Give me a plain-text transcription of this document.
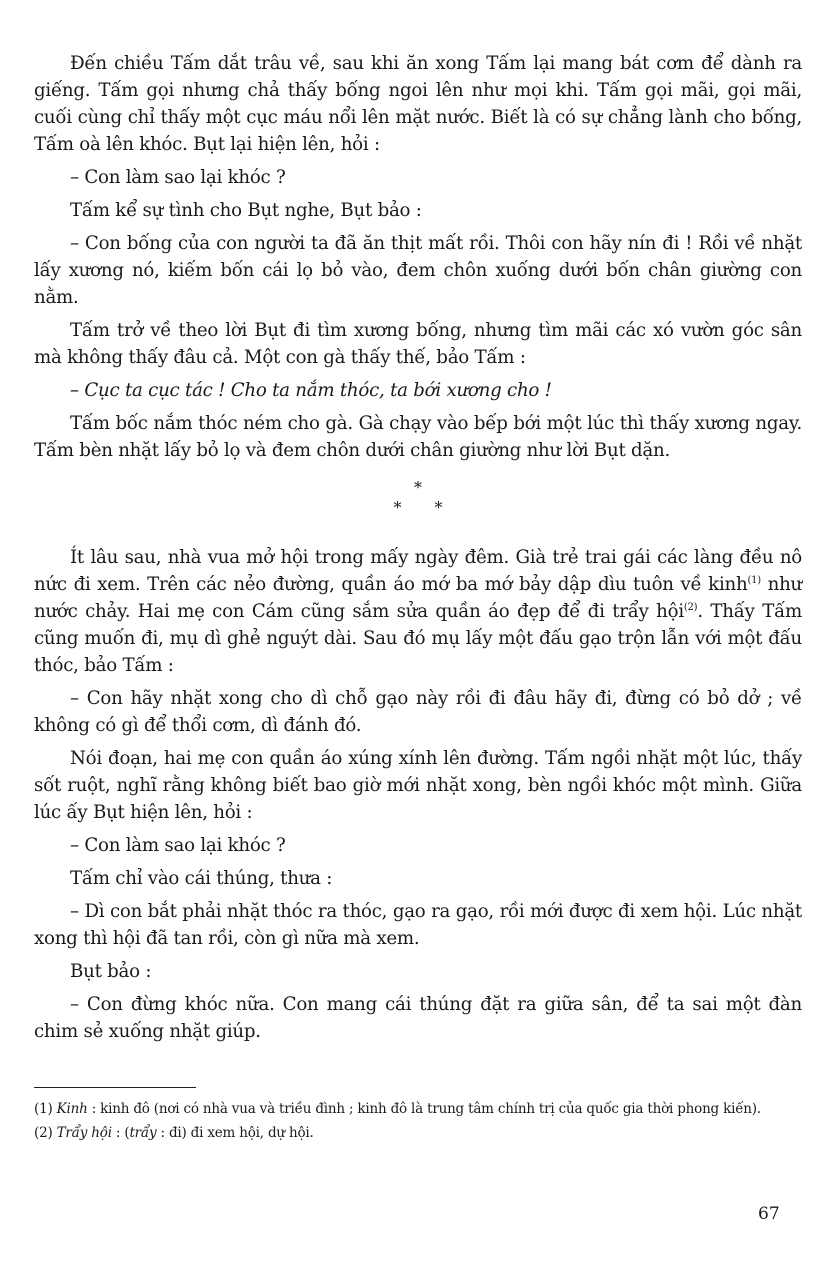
Đến chiều Tấm dắt trâu về, sau khi ăn xong Tấm lại mang bát cơm để dành ra giếng. Tấm gọi nhưng chả thấy bống ngoi lên như mọi khi. Tấm gọi mãi, gọi mãi, cuối cùng chỉ thấy một cục máu nổi lên mặt nước. Biết là có sự chẳng lành cho bống, Tấm oà lên khóc. Bụt lại hiện lên, hỏi :

– Con làm sao lại khóc ?

Tấm kể sự tình cho Bụt nghe, Bụt bảo :

– Con bống của con người ta đã ăn thịt mất rồi. Thôi con hãy nín đi ! Rồi về nhặt lấy xương nó, kiếm bốn cái lọ bỏ vào, đem chôn xuống dưới bốn chân giường con nằm.

Tấm trở về theo lời Bụt đi tìm xương bống, nhưng tìm mãi các xó vườn góc sân mà không thấy đâu cả. Một con gà thấy thế, bảo Tấm :

– Cục ta cục tác ! Cho ta nắm thóc, ta bới xương cho !

Tấm bốc nắm thóc ném cho gà. Gà chạy vào bếp bới một lúc thì thấy xương ngay. Tấm bèn nhặt lấy bỏ lọ và đem chôn dưới chân giường như lời Bụt dặn.

*
* *

Ít lâu sau, nhà vua mở hội trong mấy ngày đêm. Già trẻ trai gái các làng đều nô nức đi xem. Trên các nẻo đường, quần áo mớ ba mớ bảy dập dìu tuôn về kinh$^{(1)}$ như nước chảy. Hai mẹ con Cám cũng sắm sửa quần áo đẹp để đi trẩy hội$^{(2)}$. Thấy Tấm cũng muốn đi, mụ dì ghẻ nguýt dài. Sau đó mụ lấy một đấu gạo trộn lẫn với một đấu thóc, bảo Tấm :

– Con hãy nhặt xong cho dì chỗ gạo này rồi đi đâu hãy đi, đừng có bỏ dở ; về không có gì để thổi cơm, dì đánh đó.

Nói đoạn, hai mẹ con quần áo xúng xính lên đường. Tấm ngồi nhặt một lúc, thấy sốt ruột, nghĩ rằng không biết bao giờ mới nhặt xong, bèn ngồi khóc một mình. Giữa lúc ấy Bụt hiện lên, hỏi :

– Con làm sao lại khóc ?

Tấm chỉ vào cái thúng, thưa :

– Dì con bắt phải nhặt thóc ra thóc, gạo ra gạo, rồi mới được đi xem hội. Lúc nhặt xong thì hội đã tan rồi, còn gì nữa mà xem.

Bụt bảo :

– Con đừng khóc nữa. Con mang cái thúng đặt ra giữa sân, để ta sai một đàn chim sẻ xuống nhặt giúp.

(1) Kinh : kinh đô (nơi có nhà vua và triều đình ; kinh đô là trung tâm chính trị của quốc gia thời phong kiến).
(2) Trẩy hội : (trẩy : đi) đi xem hội, dự hội.
67
